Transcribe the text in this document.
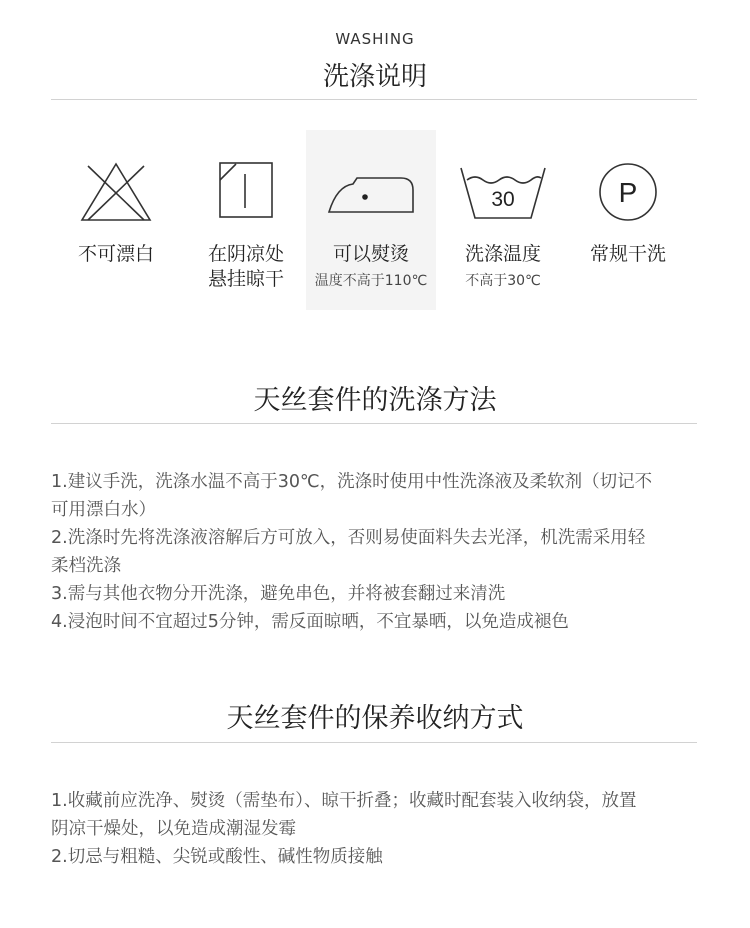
WASHING
洗涤说明
不可漂白	在阴凉处
悬挂晾干
可以熨烫
温度不高于110℃
30
洗涤温度
不高于30℃
P
常规干洗
天丝套件的洗涤方法
1.建议手洗，洗涤水温不高于30℃，洗涤时使用中性洗涤液及柔软剂（切记不
可用漂白水）
2.洗涤时先将洗涤液溶解后方可放入，否则易使面料失去光泽，机洗需采用轻
柔档洗涤
3.需与其他衣物分开洗涤，避免串色，并将被套翻过来清洗
4.浸泡时间不宜超过5分钟，需反面晾晒，不宜暴晒，以免造成褪色
天丝套件的保养收纳方式
1.收藏前应洗净、熨烫（需垫布）、晾干折叠；收藏时配套装入收纳袋，放置
阴凉干燥处，以免造成潮湿发霉
2.切忌与粗糙、尖锐或酸性、碱性物质接触
